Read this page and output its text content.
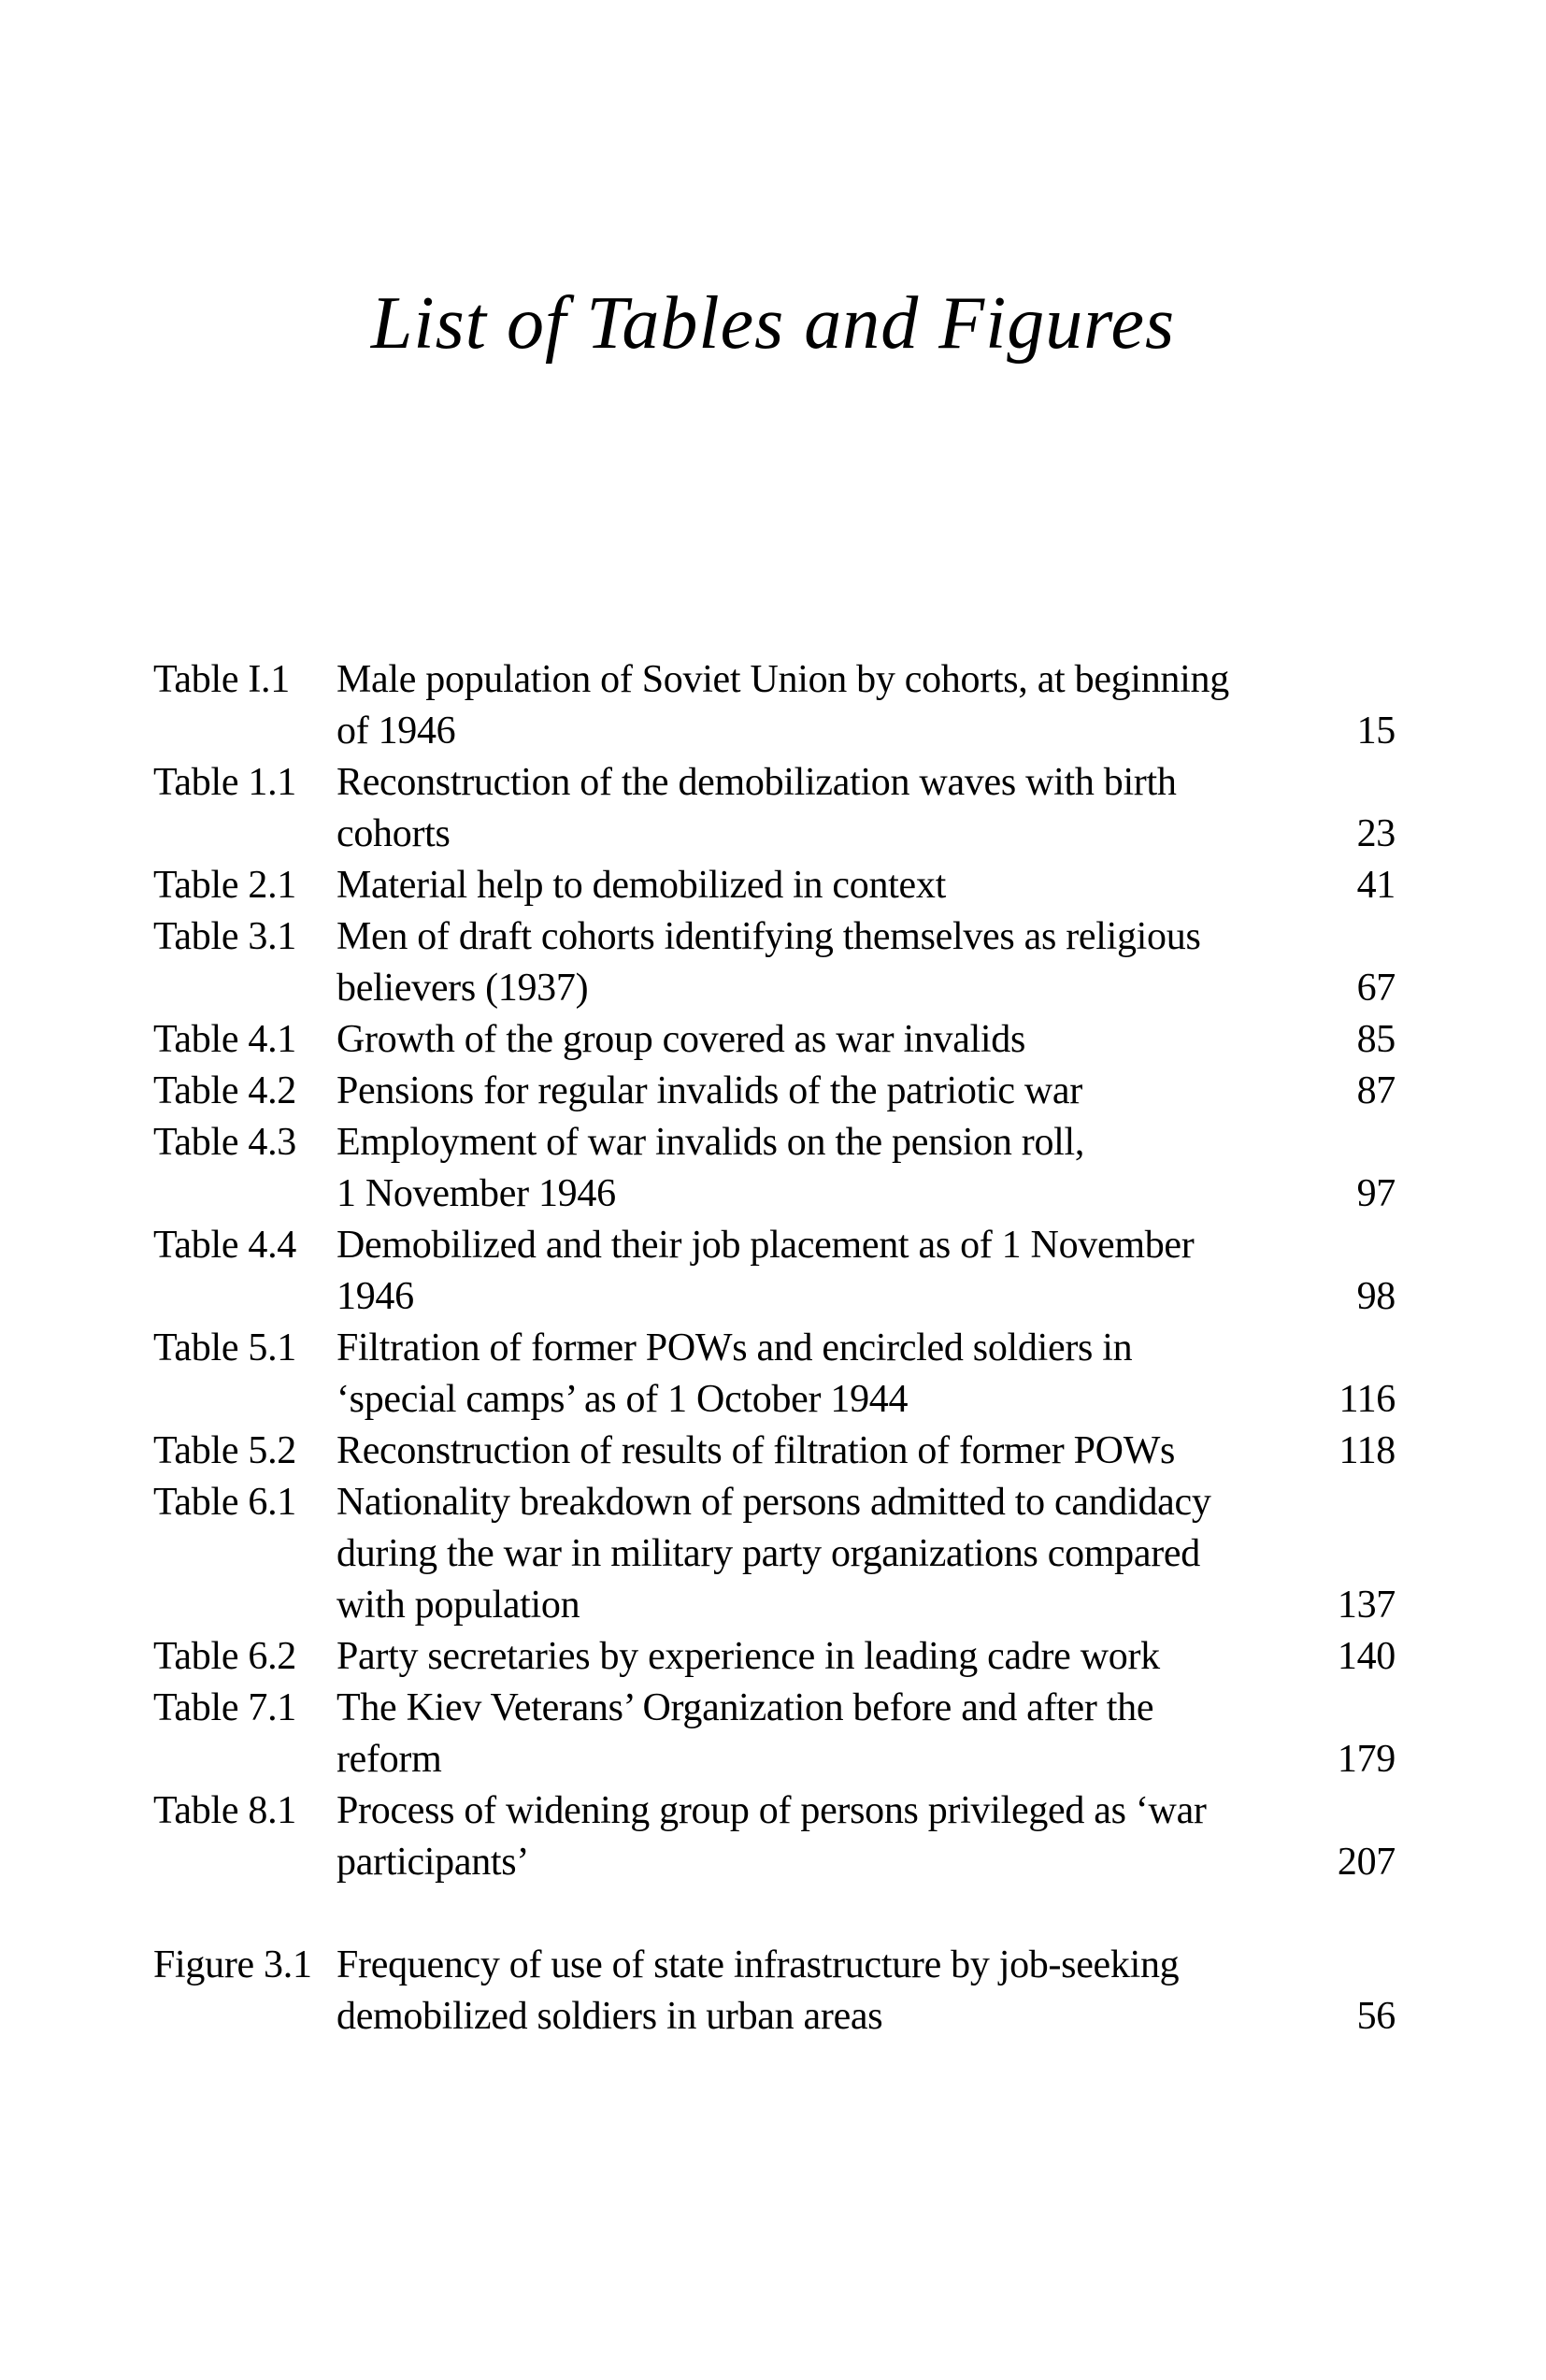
List of Tables and Figures
Table I.1	Male population of Soviet Union by cohorts, at beginning
of 1946	15
Table 1.1	Reconstruction of the demobilization waves with birth
cohorts	23
Table 2.1	Material help to demobilized in context	41
Table 3.1	Men of draft cohorts identifying themselves as religious
believers (1937)	67
Table 4.1	Growth of the group covered as war invalids	85
Table 4.2	Pensions for regular invalids of the patriotic war	87
Table 4.3	Employment of war invalids on the pension roll,
1 November 1946	97
Table 4.4	Demobilized and their job placement as of 1 November
1946	98
Table 5.1	Filtration of former POWs and encircled soldiers in
‘special camps’ as of 1 October 1944	116
Table 5.2	Reconstruction of results of filtration of former POWs	118
Table 6.1	Nationality breakdown of persons admitted to candidacy
during the war in military party organizations compared
with population	137
Table 6.2	Party secretaries by experience in leading cadre work	140
Table 7.1	The Kiev Veterans’ Organization before and after the
reform	179
Table 8.1	Process of widening group of persons privileged as ‘war
participants’	207
Figure 3.1 Frequency of use of state infrastructure by job-seeking
demobilized soldiers in urban areas	56
